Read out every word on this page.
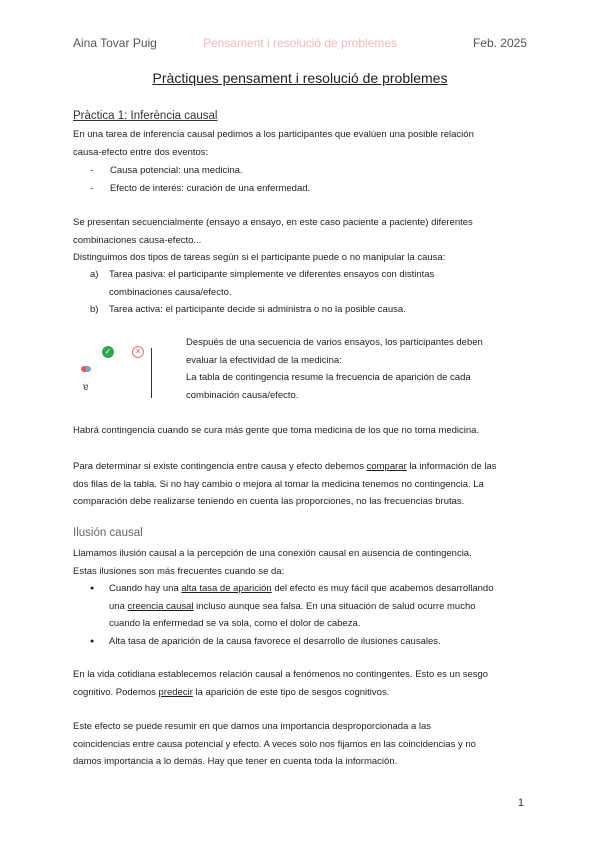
Pensament i resolució de problemes
Aina Tovar Puig	Feb. 2025
Pràctiques pensament i resolució de problemes
Pràctica 1: Inferència causal
En una tarea de inferencia causal pedimos a los participantes que evalúen una posible relación
causa-efecto entre dos eventos:
- Causa potencial: una medicina.
- Efecto de interés: curación de una enfermedad.
Se presentan secuencialmente (ensayo a ensayo, en este caso paciente a paciente) diferentes
combinaciones causa-efecto...
Distinguimos dos tipos de tareas según si el participante puede o no manipular la causa:
a) Tarea pasiva: el participante simplemente ve diferentes ensayos con distintas
combinaciones causa/efecto.
b) Tarea activa: el participante decide si administra o no la posible causa.
✓	✕
ɐ
Después de una secuencia de varios ensayos, los participantes deben
evaluar la efectividad de la medicina:
La tabla de contingencia resume la frecuencia de aparición de cada
combinación causa/efecto.
Habrá contingencia cuando se cura más gente que toma medicina de los que no toma medicina.
Para determinar si existe contingencia entre causa y efecto debemos comparar la información de las
dos filas de la tabla. Si no hay cambio o mejora al tomar la medicina tenemos no contingencia. La
comparación debe realizarse teniendo en cuenta las proporciones, no las frecuencias brutas.
Ilusión causal
Llamamos ilusión causal a la percepción de una conexión causal en ausencia de contingencia.
Estas ilusiones son más frecuentes cuando se da:
● Cuando hay una alta tasa de aparición del efecto es muy fácil que acabemos desarrollando
una creencia causal incluso aunque sea falsa. En una situación de salud ocurre mucho
cuando la enfermedad se va sola, como el dolor de cabeza.
● Alta tasa de aparición de la causa favorece el desarrollo de ilusiones causales.
En la vida cotidiana establecemos relación causal a fenómenos no contingentes. Esto es un sesgo
cognitivo. Podemos predecir la aparición de este tipo de sesgos cognitivos.
Este efecto se puede resumir en que damos una importancia desproporcionada a las
coincidencias entre causa potencial y efecto. A veces solo nos fijamos en las coincidencias y no
damos importancia a lo demás. Hay que tener en cuenta toda la información.
1
